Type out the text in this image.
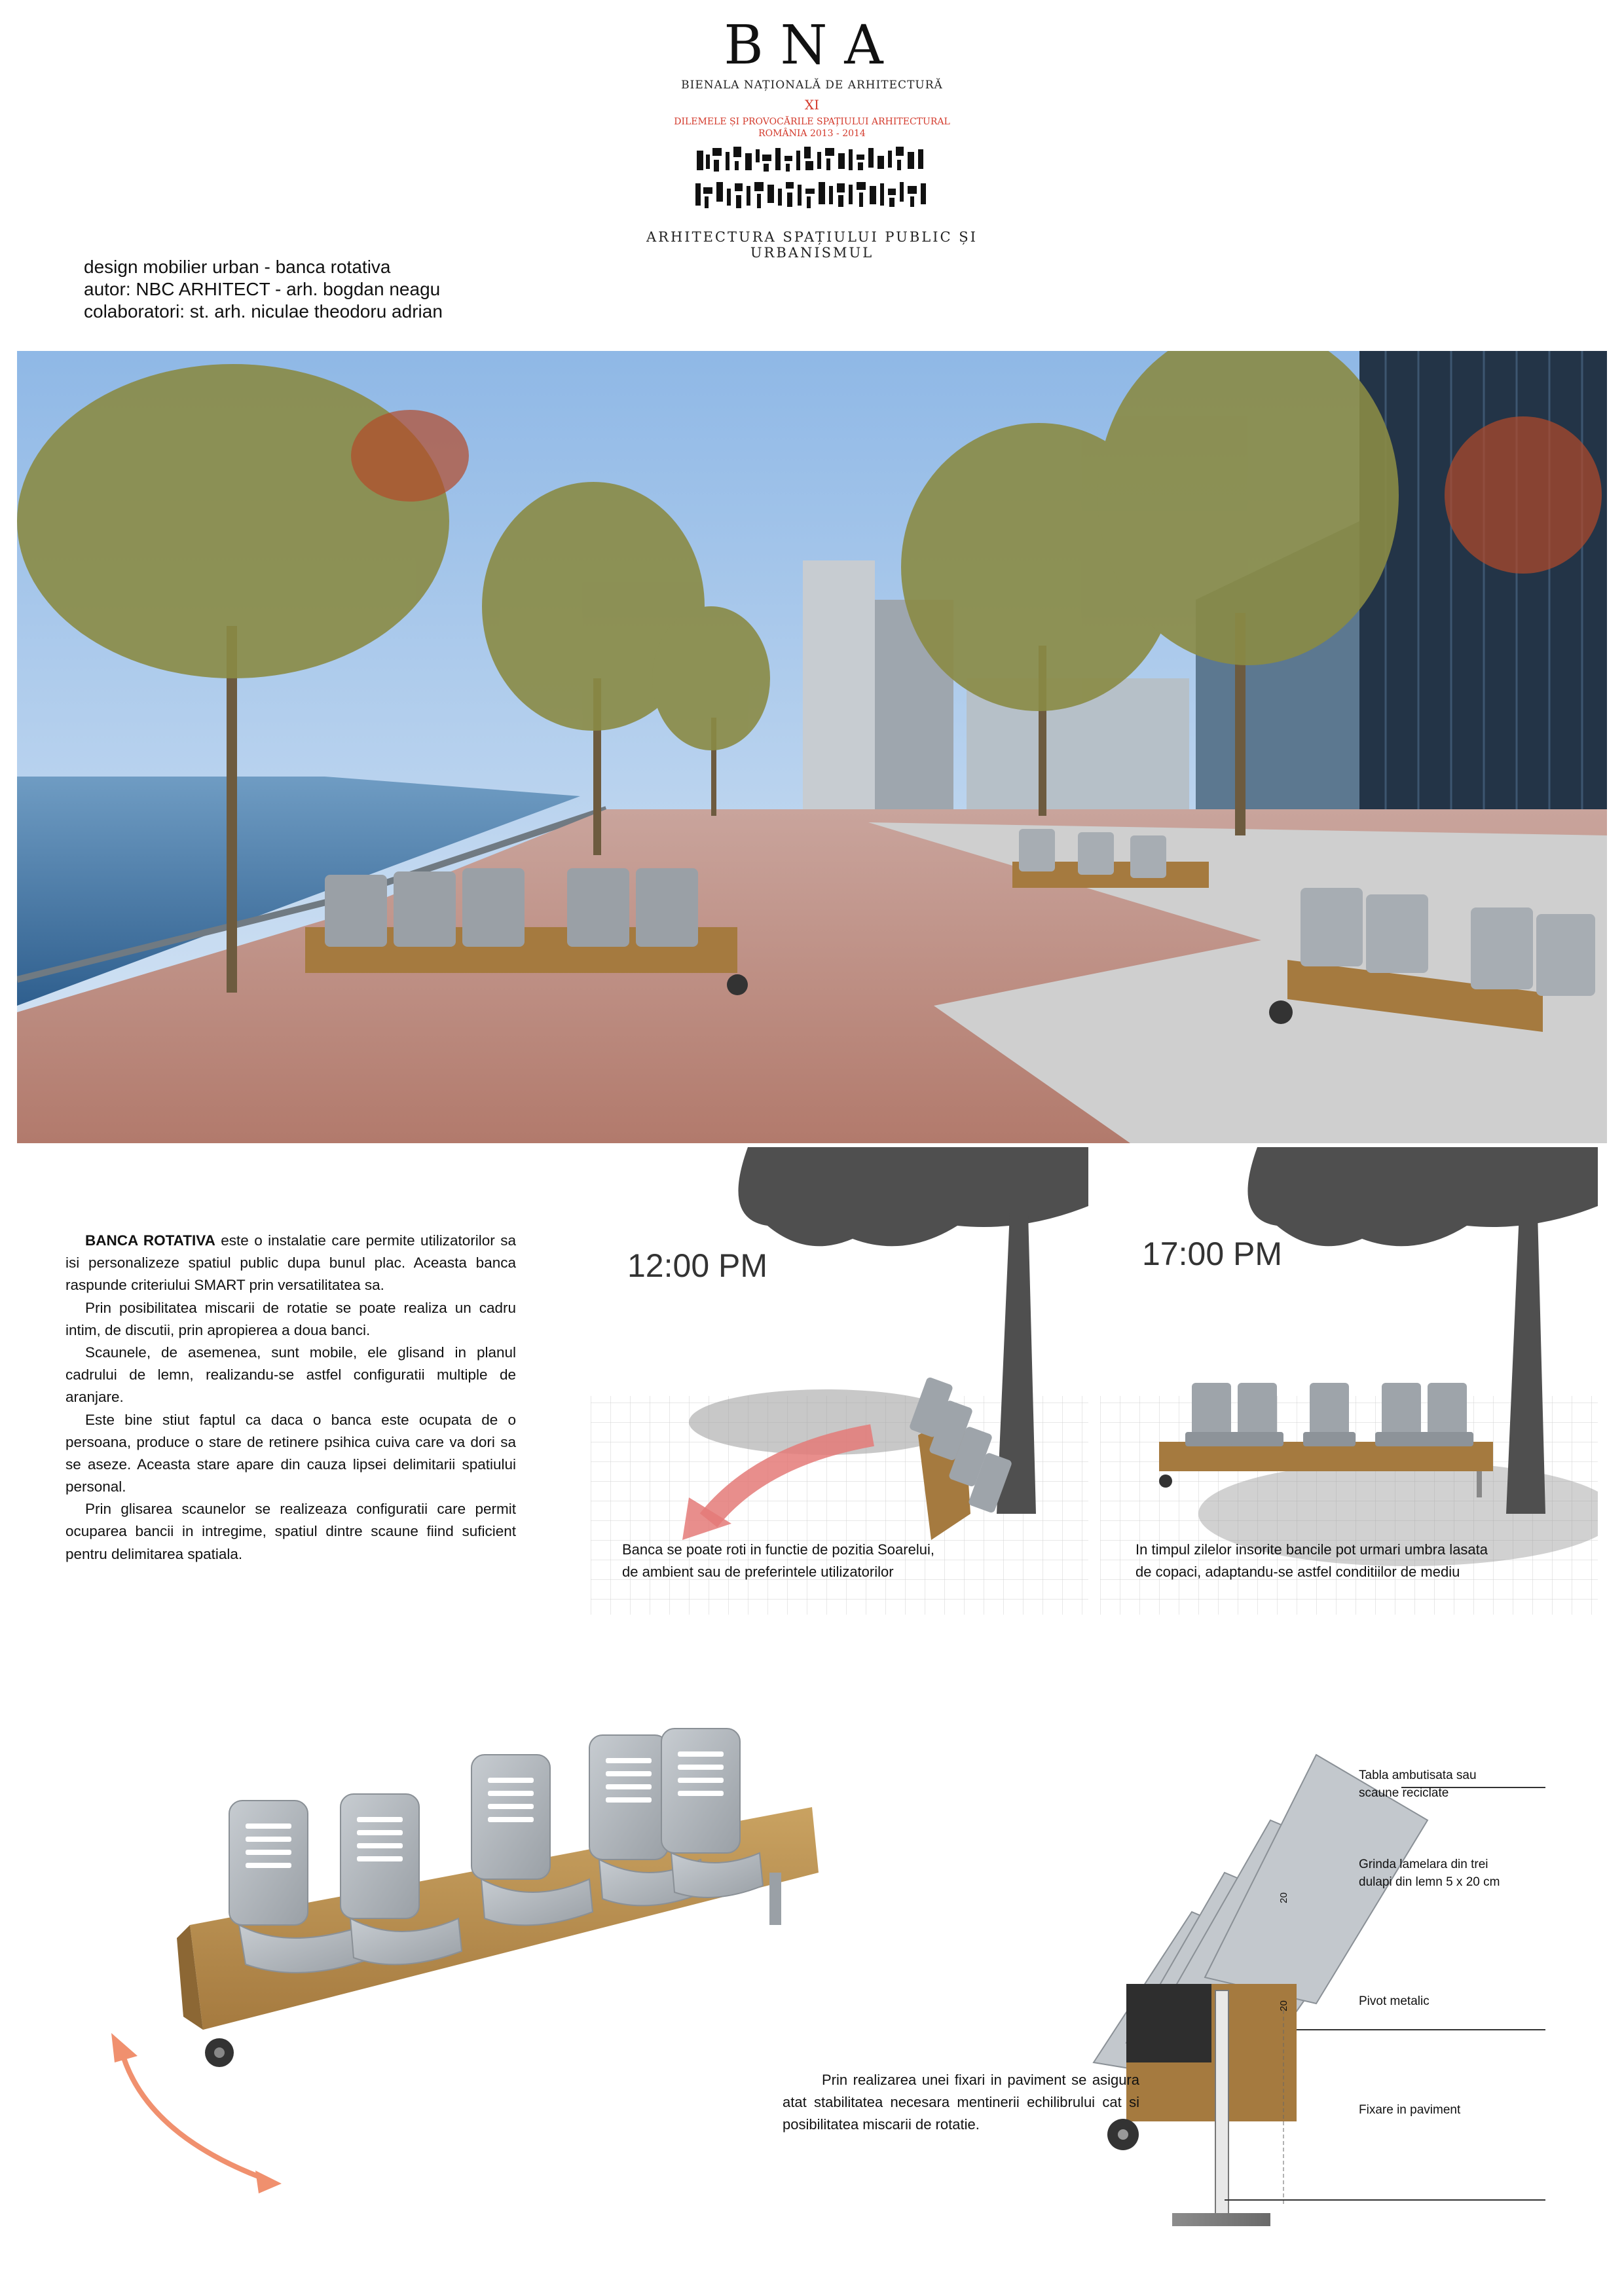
BNA
BIENALA NAȚIONALĂ DE ARHITECTURĂ
XI
DILEMELE ȘI PROVOCĂRILE SPAȚIULUI ARHITECTURAL
ROMÂNIA 2013 - 2014
ARHITECTURA SPAȚIULUI PUBLIC ȘI URBANISMUL
design mobilier urban - banca rotativa
autor: NBC ARHITECT - arh. bogdan neagu
colaboratori: st. arh. niculae theodoru adrian

BANCA ROTATIVA este o instalatie care permite utilizatorilor sa isi personalizeze spatiul public dupa bunul plac. Aceasta banca raspunde criteriului SMART prin versatilitatea sa.

Prin posibilitatea miscarii de rotatie se poate realiza un cadru intim, de discutii, prin apropierea a doua banci.

Scaunele, de asemenea, sunt mobile, ele glisand in planul cadrului de lemn, realizandu-se astfel configuratii multiple de aranjare.

Este bine stiut faptul ca daca o banca este ocupata de o persoana, produce o stare de retinere psihica cuiva care va dori sa se aseze. Aceasta stare apare din cauza lipsei delimitarii spatiului personal.

Prin glisarea scaunelor se realizeaza configuratii care permit ocuparea bancii in intregime, spatiul dintre scaune fiind suficient pentru delimitarea spatiala.

12:00 PM
Banca se poate roti in functie de pozitia Soarelui,
de ambient sau de preferintele utilizatorilor
17:00 PM
In timpul zilelor insorite bancile pot urmari umbra lasata
de copaci, adaptandu-se astfel conditiilor de mediu
Tabla ambutisata sau
scaune reciclate
Grinda lamelara din trei
dulapi din lemn 5 x 20 cm
Pivot metalic
Fixare in paviment
20
20

Prin realizarea unei fixari in paviment se asigura atat stabilitatea necesara mentinerii echilibrului cat si posibilitatea miscarii de rotatie.
